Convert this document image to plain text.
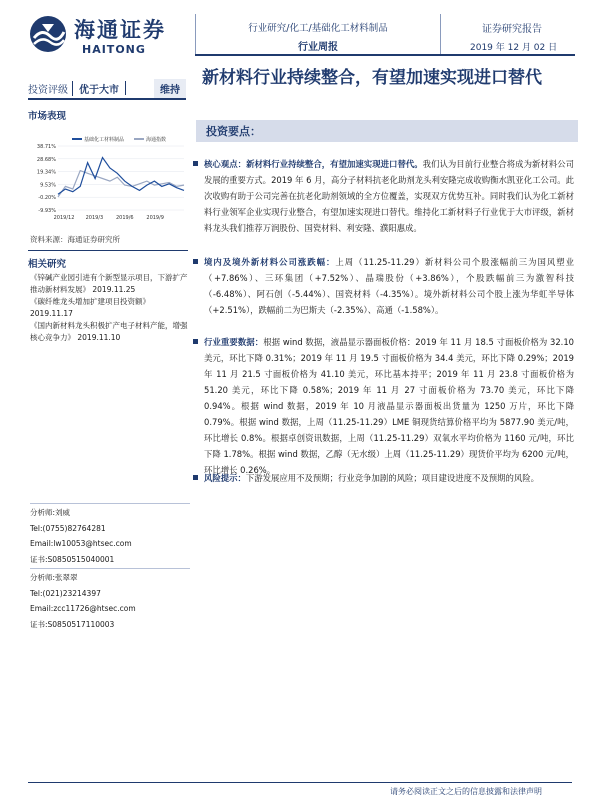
海通证券
HAITONG
行业研究/化工/基础化工材料制品
行业周报
证券研究报告
2019 年 12 月 02 日
投资评级	优于大市	维持
市场表现
基础化工材料制品	海通指数
38.71%
28.68%
19.34%
9.53%
-0.20%
-9.93%
2019/12 2019/3	2019/6	2019/9
资料来源：海通证券研究所
相关研究
《锌碱产业园引进有个新型显示项目，下游扩产推动新材料发展》 2019.11.25
《碳纤维龙头增加扩建项目投资额》
2019.11.17
《国内新材料龙头积极扩产电子材料产能，增强核心竞争力》 2019.11.10
分析师:刘威
Tel:(0755)82764281
Email:lw10053@htsec.com
证书:S0850515040001
分析师:张翠翠
Tel:(021)23214397
Email:zcc11726@htsec.com
证书:S0850517110003
新材料行业持续整合，有望加速实现进口替代
投资要点：
核心观点：新材料行业持续整合，有望加速实现进口替代。我们认为目前行业整合将成为新材料公司发展的重要方式。2019 年 6 月，高分子材料抗老化助剂龙头利安隆完成收购衡水凯亚化工公司。此次收购有助于公司完善在抗老化助剂领域的全方位覆盖，实现双方优势互补。同时我们认为化工新材料行业领军企业实现行业整合，有望加速实现进口替代。维持化工新材料子行业优于大市评级，新材料龙头我们推荐万润股份、国瓷材料、利安隆、濮阳惠成。
境内及境外新材料公司涨跌幅：上周（11.25-11.29）新材料公司个股涨幅前三为国风塑业（+7.86%）、三环集团（+7.52%）、晶瑞股份（+3.86%），个股跌幅前三为激智科技（-6.48%）、阿石创（-5.44%）、国瓷材料（-4.35%）。境外新材料公司个股上涨为华虹半导体（+2.51%），跌幅前二为巴斯夫（-2.35%）、高通（-1.58%）。
行业重要数据：根据 wind 数据，液晶显示器面板价格：2019 年 11 月 18.5 寸面板价格为 32.10 美元，环比下降 0.31%；2019 年 11 月 19.5 寸面板价格为 34.4 美元，环比下降 0.29%；2019 年 11 月 21.5 寸面板价格为 41.10 美元，环比基本持平；2019 年 11 月 23.8 寸面板价格为 51.20 美元，环比下降 0.58%；2019 年 11 月 27 寸面板价格为 73.70 美元，环比下降 0.94%。根据 wind 数据，2019 年 10 月液晶显示器面板出货量为 1250 万片，环比下降 0.79%。根据 wind 数据，上周（11.25-11.29）LME 铜现货结算价格平均为 5877.90 美元/吨，环比增长 0.8%。根据卓创资讯数据，上周（11.25-11.29）双氧水平均价格为 1160 元/吨，环比下降 1.78%。根据 wind 数据，乙醇（无水级）上周（11.25-11.29）现货价平均为 6200 元/吨，环比增长 0.26%。
风险提示：下游发展应用不及预期；行业竞争加剧的风险；项目建设进度不及预期的风险。
请务必阅读正文之后的信息披露和法律声明
